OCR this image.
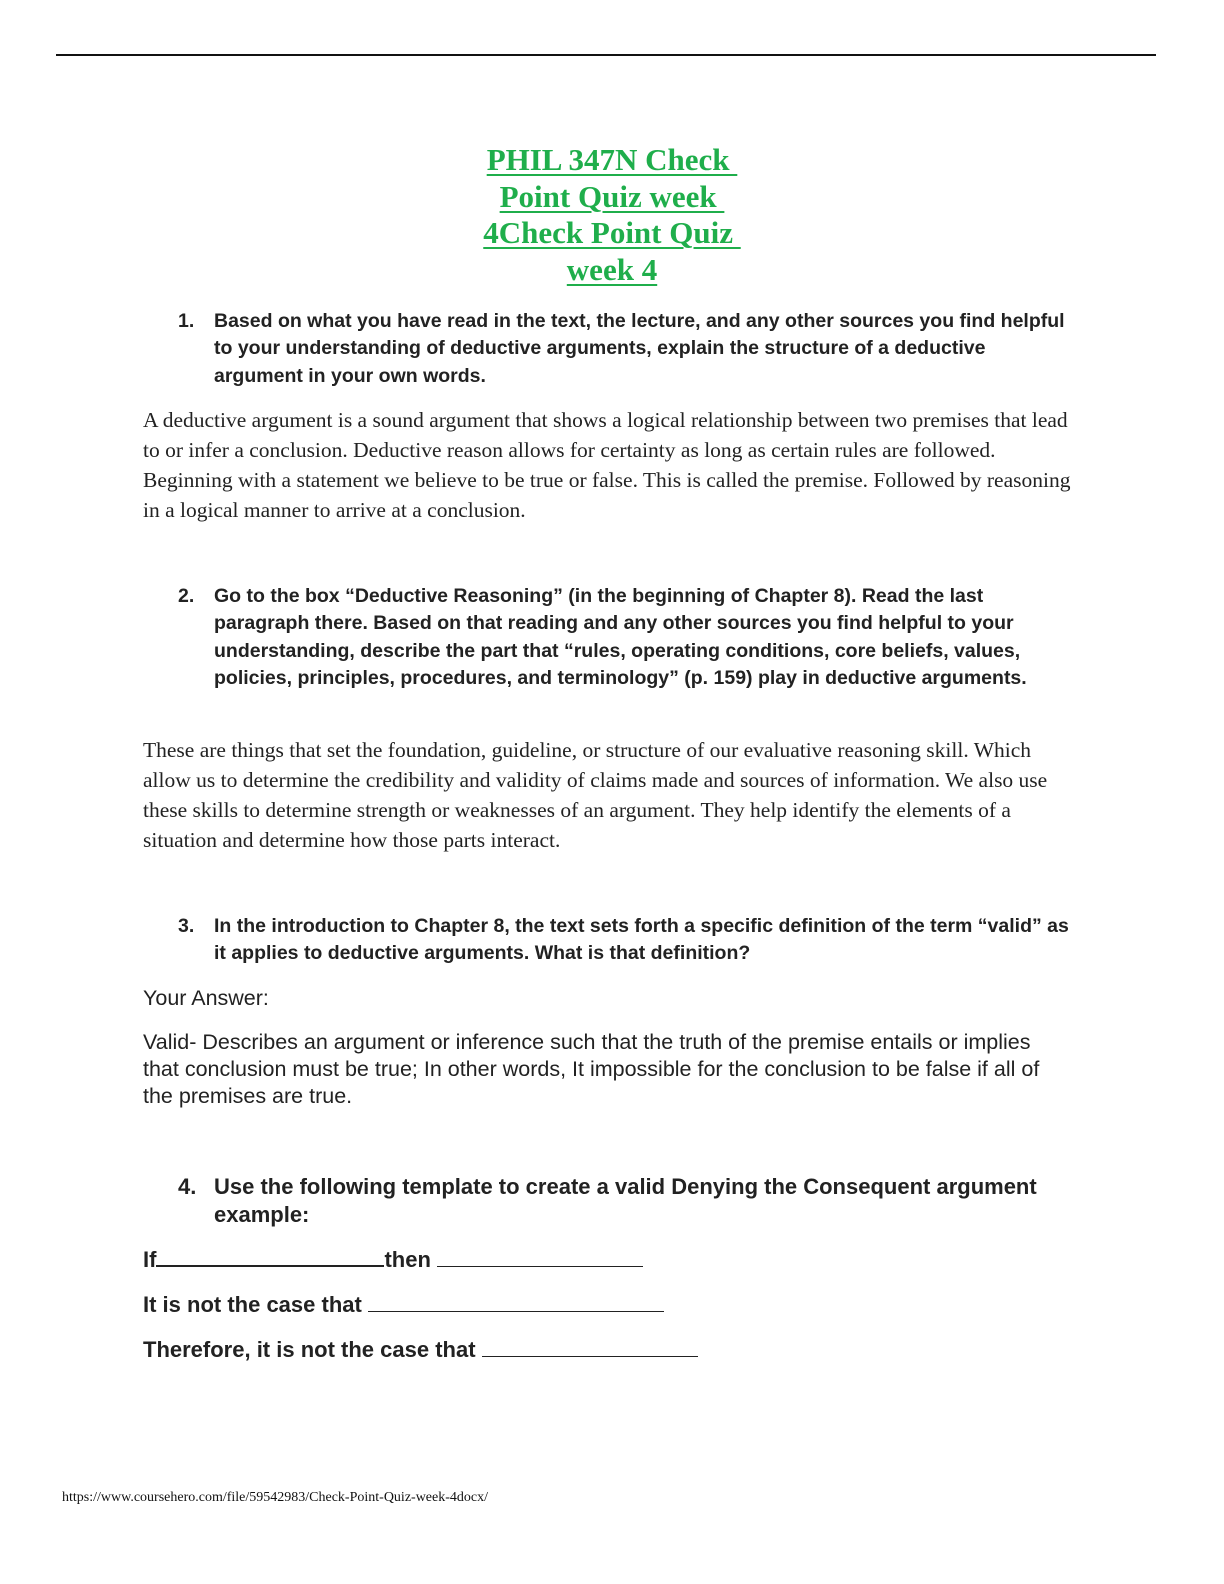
PHIL 347N Check
Point Quiz week
4Check Point Quiz
week 4
1.	Based on what you have read in the text, the lecture, and any other sources you find helpful to your understanding of deductive arguments, explain the structure of a deductive argument in your own words.
A deductive argument is a sound argument that shows a logical relationship between two premises that lead to or infer a conclusion. Deductive reason allows for certainty as long as certain rules are followed. Beginning with a statement we believe to be true or false. This is called the premise. Followed by reasoning in a logical manner to arrive at a conclusion.
2.	Go to the box “Deductive Reasoning” (in the beginning of Chapter 8). Read the last paragraph there. Based on that reading and any other sources you find helpful to your understanding, describe the part that “rules, operating conditions, core beliefs, values, policies, principles, procedures, and terminology” (p. 159) play in deductive arguments.
These are things that set the foundation, guideline, or structure of our evaluative reasoning skill. Which allow us to determine the credibility and validity of claims made and sources of information. We also use these skills to determine strength or weaknesses of an argument. They help identify the elements of a situation and determine how those parts interact.
3.	In the introduction to Chapter 8, the text sets forth a specific definition of the term “valid” as it applies to deductive arguments. What is that definition?
Your Answer:
Valid- Describes an argument or inference such that the truth of the premise entails or implies that conclusion must be true; In other words, It impossible for the conclusion to be false if all of the premises are true.
4. Use the following template to create a valid Denying the Consequent argument example:
If	then
It is not the case that
Therefore, it is not the case that
https://www.coursehero.com/file/59542983/Check-Point-Quiz-week-4docx/
